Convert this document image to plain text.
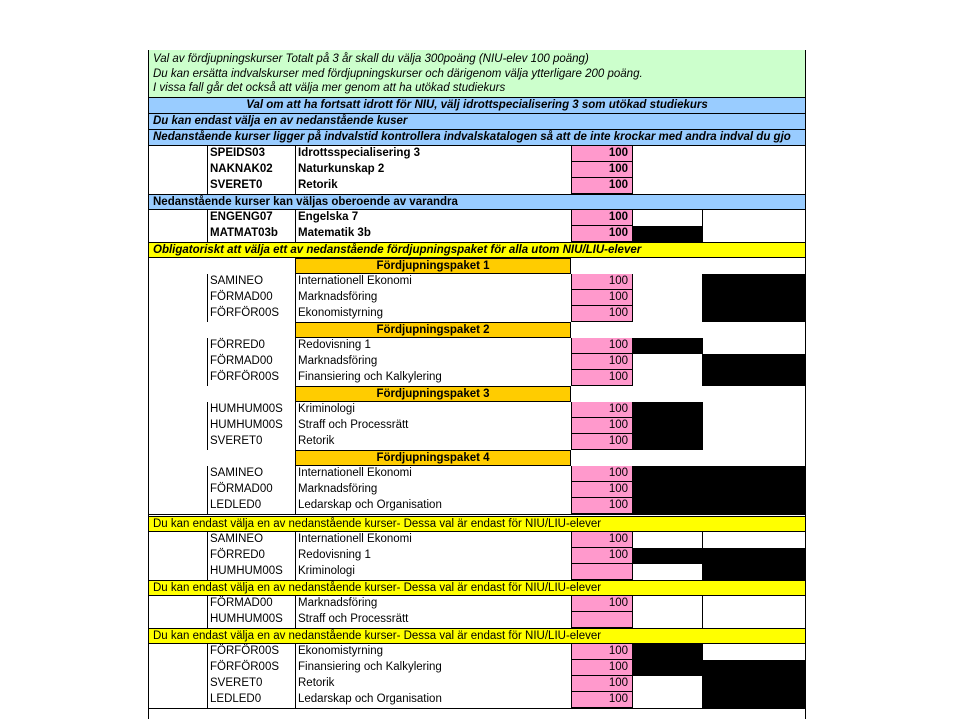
Val av fördjupningskurser Totalt på 3 år skall du välja 300poäng (NIU-elev 100 poäng)
Du kan ersätta indvalskurser med fördjupningskurser och därigenom välja ytterligare 200 poäng.
I vissa fall går det också att välja mer genom att ha utökad studiekurs
Val om att ha fortsatt idrott för NIU, välj idrottspecialisering 3 som utökad studiekurs
Du kan endast välja en av nedanstående kuser
Nedanstående kurser ligger på indvalstid kontrollera indvalskatalogen så att de inte krockar med andra indval du gjo
SPEIDS03	Idrottsspecialisering 3	100
NAKNAK02	Naturkunskap 2	100
SVERET0	Retorik	100
Nedanstående kurser kan väljas oberoende av varandra
ENGENG07	Engelska 7	100
MATMAT03b	Matematik 3b	100
Obligatoriskt att välja ett av nedanstående fördjupningspaket för alla utom NIU/LIU-elever
Fördjupningspaket 1
SAMINEO	Internationell Ekonomi	100
FÖRMAD00	Marknadsföring	100
FÖRFÖR00S	Ekonomistyrning	100
Fördjupningspaket 2
FÖRRED0	Redovisning 1	100
FÖRMAD00	Marknadsföring	100
FÖRFÖR00S	Finansiering och Kalkylering	100
Fördjupningspaket 3
HUMHUM00S	Kriminologi	100
HUMHUM00S	Straff och Processrätt	100
SVERET0	Retorik	100
Fördjupningspaket 4
SAMINEO	Internationell Ekonomi	100
FÖRMAD00	Marknadsföring	100
LEDLED0	Ledarskap och Organisation	100
Du kan endast välja en av nedanstående kurser- Dessa val är endast för NIU/LIU-elever
SAMINEO	Internationell Ekonomi	100
FÖRRED0	Redovisning 1	100
HUMHUM00S	Kriminologi
Du kan endast välja en av nedanstående kurser- Dessa val är endast för NIU/LIU-elever
FÖRMAD00	Marknadsföring	100
HUMHUM00S	Straff och Processrätt
Du kan endast välja en av nedanstående kurser- Dessa val är endast för NIU/LIU-elever
FÖRFÖR00S	Ekonomistyrning	100
FÖRFÖR00S	Finansiering och Kalkylering	100
SVERET0	Retorik	100
LEDLED0	Ledarskap och Organisation	100
